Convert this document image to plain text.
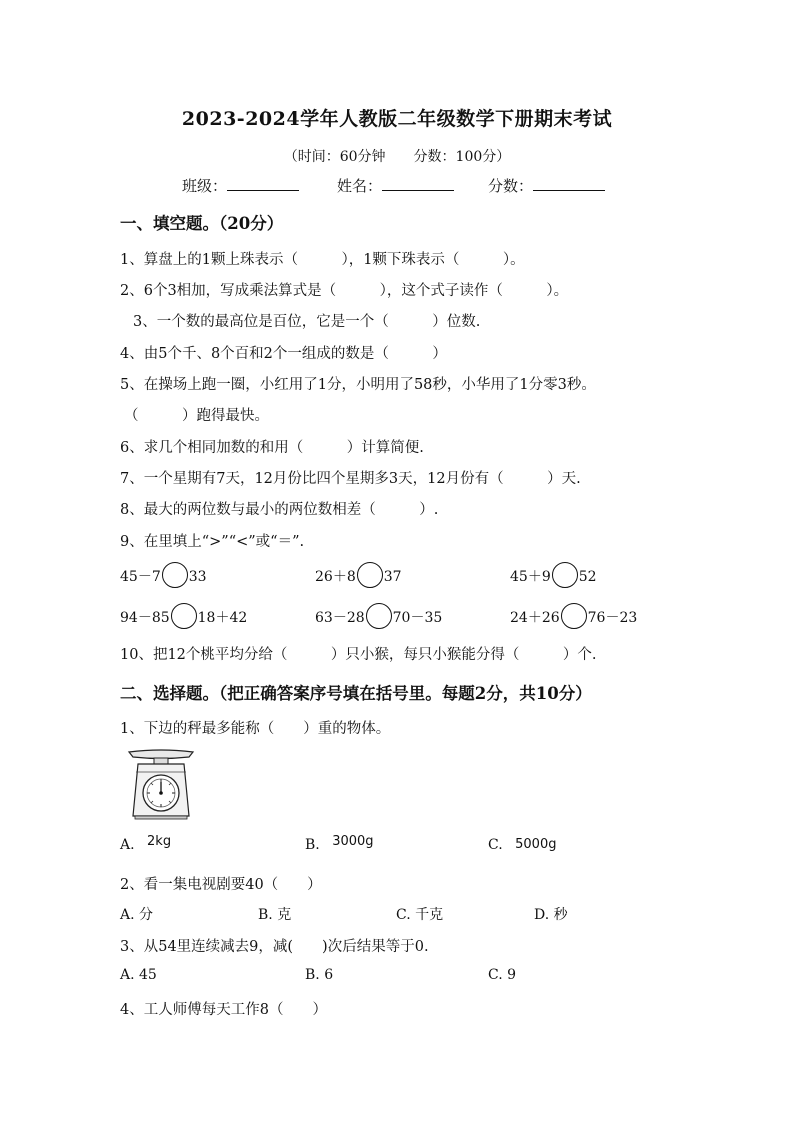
2023-2024学年人教版二年级数学下册期末考试
（时间：60分钟　　分数：100分）
班级：	姓名：	分数：
一、填空题。（20分）
1、算盘上的1颗上珠表示（　　　），1颗下珠表示（　　　）。
2、6个3相加，写成乘法算式是（　　　），这个式子读作（　　　）。
3、一个数的最高位是百位，它是一个（　　　）位数.
4、由5个千、8个百和2个一组成的数是（　　　）
5、在操场上跑一圈，小红用了1分，小明用了58秒，小华用了1分零3秒。
（　　　）跑得最快。
6、求几个相同加数的和用（　　　）计算简便.
7、一个星期有7天，12月份比四个星期多3天，12月份有（　　　）天.
8、最大的两位数与最小的两位数相差（　　　）.
9、在里填上“>”“<”或“＝”.
45－7 33	26＋8 37	45＋9 52
94－85 18＋42	63－28 70－35	24＋26 76－23
10、把12个桃平均分给（　　　）只小猴，每只小猴能分得（　　　）个.
二、选择题。（把正确答案序号填在括号里。每题2分，共10分）
1、下边的秤最多能称（　　）重的物体。
A. 2kg	B. 3000g	C. 5000g
2、看一集电视剧要40（　　）
A. 分	B. 克	C. 千克	D. 秒
3、从54里连续减去9，减(　　)次后结果等于0.
A. 45	B. 6	C. 9
4、工人师傅每天工作8（　　）
